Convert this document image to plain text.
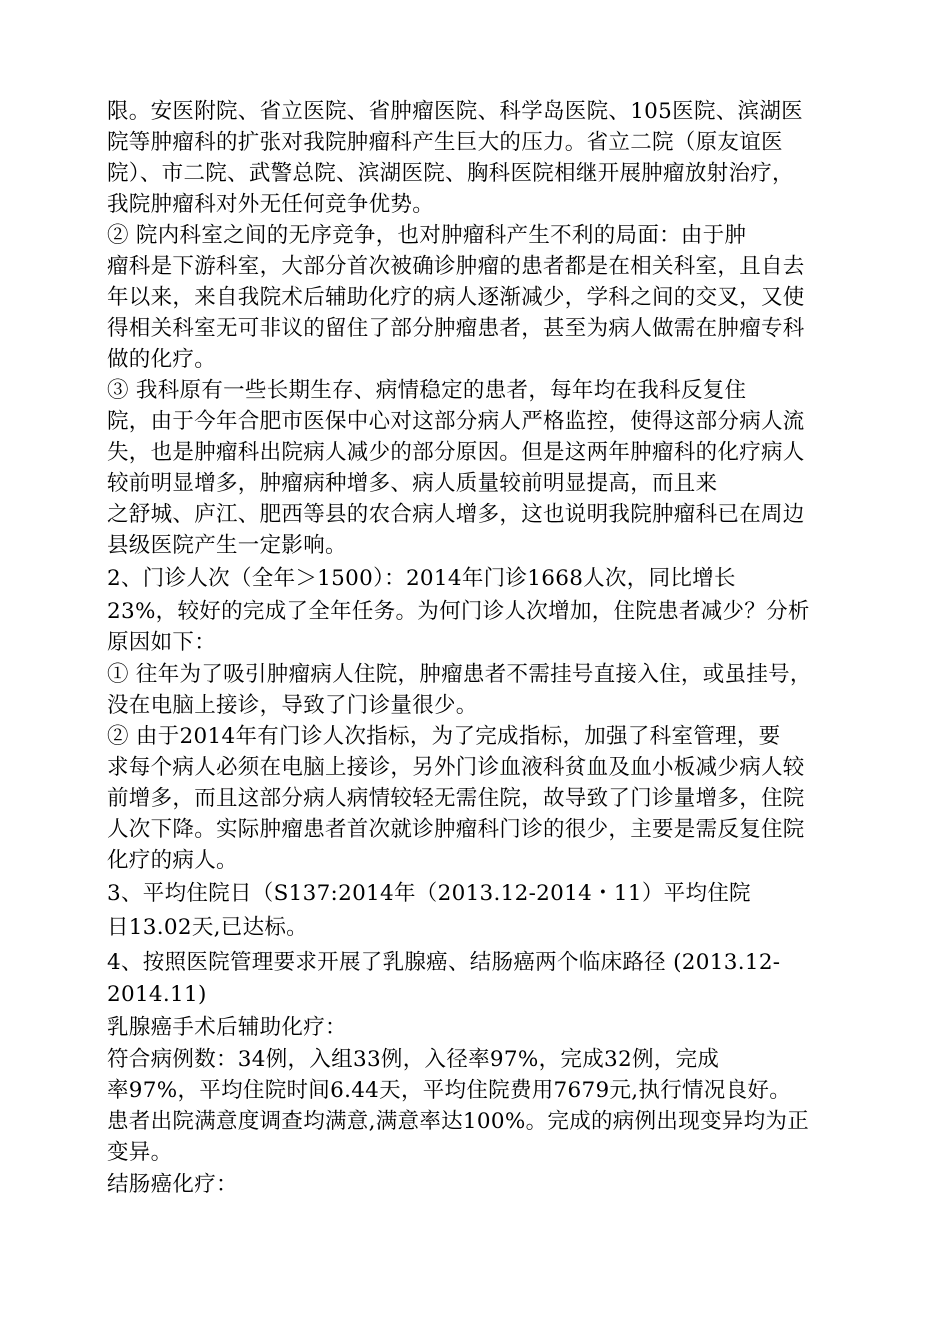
限。安医附院、省立医院、省肿瘤医院、科学岛医院、105医院、滨湖医
院等肿瘤科的扩张对我院肿瘤科产生巨大的压力。省立二院（原友谊医
院）、市二院、武警总院、滨湖医院、胸科医院相继开展肿瘤放射治疗，
我院肿瘤科对外无任何竞争优势。
② 院内科室之间的无序竞争，也对肿瘤科产生不利的局面：由于肿
瘤科是下游科室，大部分首次被确诊肿瘤的患者都是在相关科室，且自去
年以来，来自我院术后辅助化疗的病人逐渐减少，学科之间的交叉，又使
得相关科室无可非议的留住了部分肿瘤患者，甚至为病人做需在肿瘤专科
做的化疗。
③ 我科原有一些长期生存、病情稳定的患者，每年均在我科反复住
院，由于今年合肥市医保中心对这部分病人严格监控，使得这部分病人流
失，也是肿瘤科出院病人减少的部分原因。但是这两年肿瘤科的化疗病人
较前明显增多，肿瘤病种增多、病人质量较前明显提高，而且来
之舒城、庐江、肥西等县的农合病人增多，这也说明我院肿瘤科已在周边
县级医院产生一定影响。
2、门诊人次（全年＞1500）：2014年门诊1668人次，同比增长
23%，较好的完成了全年任务。为何门诊人次增加，住院患者减少？分析
原因如下：
① 往年为了吸引肿瘤病人住院，肿瘤患者不需挂号直接入住，或虽挂号，
没在电脑上接诊，导致了门诊量很少。
② 由于2014年有门诊人次指标，为了完成指标，加强了科室管理，要
求每个病人必须在电脑上接诊，另外门诊血液科贫血及血小板减少病人较
前增多，而且这部分病人病情较轻无需住院，故导致了门诊量增多，住院
人次下降。实际肿瘤患者首次就诊肿瘤科门诊的很少，主要是需反复住院
化疗的病人。
3、平均住院日（S137:2014年（2013.12-2014・11）平均住院
日13.02天,已达标。
4、按照医院管理要求开展了乳腺癌、结肠癌两个临床路径 (2013.12-
2014.11)
乳腺癌手术后辅助化疗：
符合病例数：34例，入组33例，入径率97%，完成32例，完成
率97%，平均住院时间6.44天，平均住院费用7679元,执行情况良好。
患者出院满意度调查均满意,满意率达100%。完成的病例出现变异均为正
变异。
结肠癌化疗：
